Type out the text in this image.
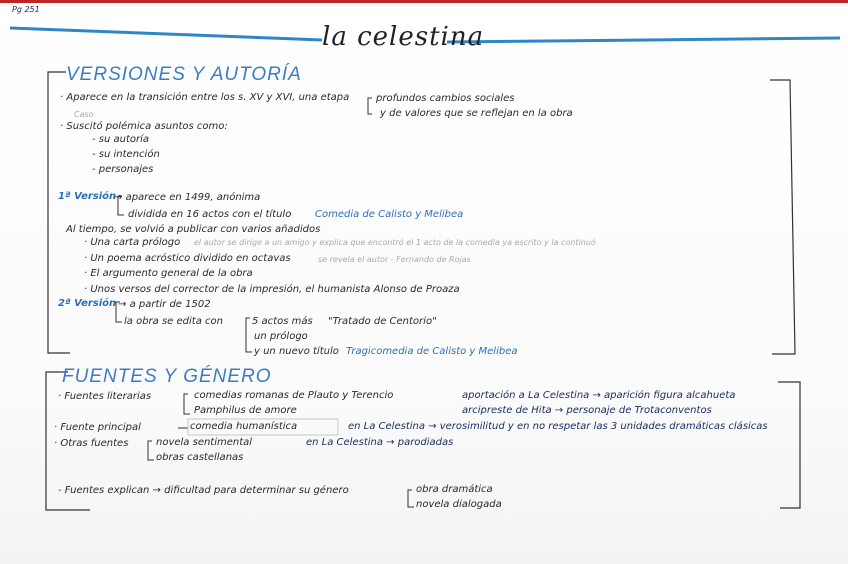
Pg 251
la celestina
VERSIONES Y AUTORÍA
· Aparece en la transición entre los s. XV y XVI, una etapa	profundos cambios sociales
y de valores que se reflejan en la obra
Caso
· Suscitó polémica asuntos como:
- su autoría
- su intención
- personajes
1ª Versión
→ aparece en 1499, anónima
dividida en 16 actos con el título Comedia de Calisto y Melibea
Al tiempo, se volvió a publicar con varios añadidos
· Una carta prólogo el autor se dirige a un amigo y explica que encontró el 1 acto de la comedia ya escrito y la continuó
· Un poema acróstico dividido en octavas	se revela el autor - Fernando de Rojas
· El argumento general de la obra
· Unos versos del corrector de la impresión, el humanista Alonso de Proaza
2ª Versión → a partir de 1502
la obra se edita con	5 actos más "Tratado de Centorio"
un prólogo
y un nuevo título Tragicomedia de Calisto y Melibea
FUENTES Y GÉNERO
· Fuentes literarias	comedias romanas de Plauto y Terencio
Pamphilus de amore
aportación a La Celestina → aparición figura alcahueta
arcipreste de Hita → personaje de Trotaconventos
· Fuente principal	comedia humanística	en La Celestina → verosimilitud y en no respetar las 3 unidades dramáticas clásicas
· Otras fuentes	novela sentimental
obras castellanas
en La Celestina → parodiadas
- Fuentes explican → dificultad para determinar su género	obra dramática
novela dialogada
